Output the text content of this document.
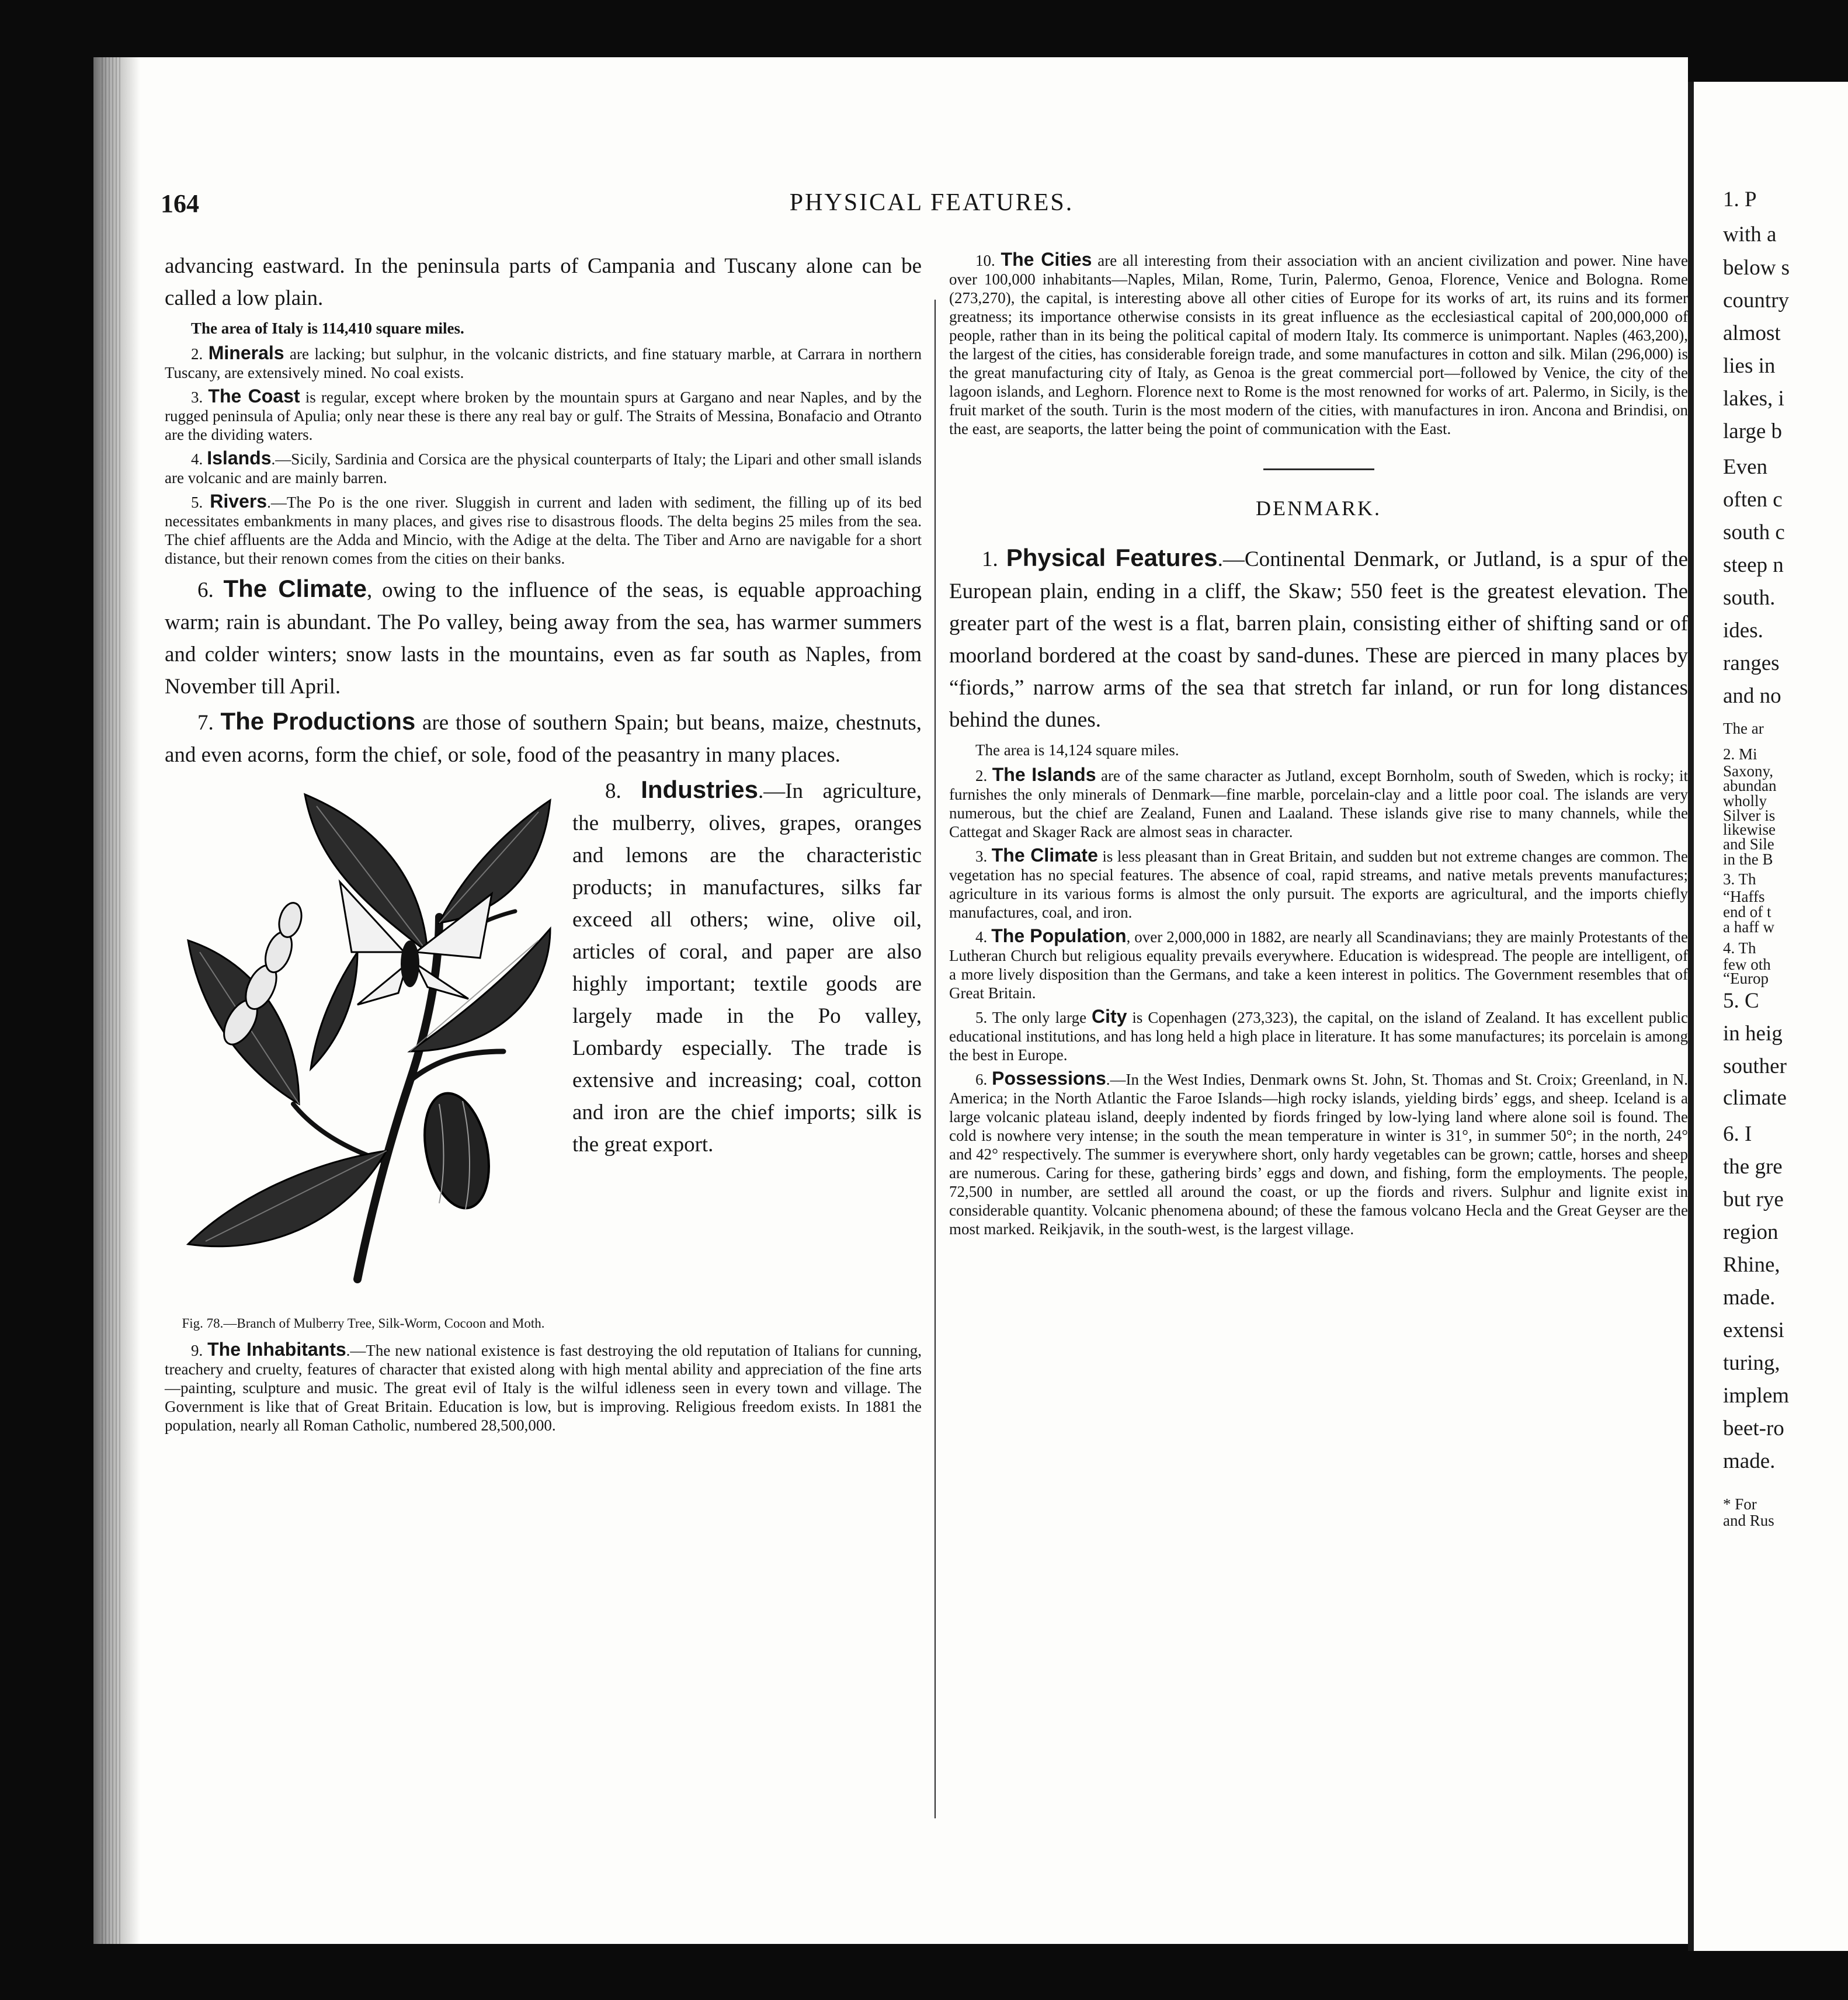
164	PHYSICAL FEATURES.

advancing eastward. In the peninsula parts of Campania and Tuscany alone can be called a low plain.

The area of Italy is 114,410 square miles.

2. Minerals are lacking; but sulphur, in the volcanic districts, and fine statuary marble, at Carrara in northern Tuscany, are extensively mined. No coal exists.

3. The Coast is regular, except where broken by the mountain spurs at Gargano and near Naples, and by the rugged peninsula of Apulia; only near these is there any real bay or gulf. The Straits of Messina, Bonafacio and Otranto are the dividing waters.

4. Islands.—Sicily, Sardinia and Corsica are the physical counterparts of Italy; the Lipari and other small islands are volcanic and are mainly barren.

5. Rivers.—The Po is the one river. Sluggish in current and laden with sediment, the filling up of its bed necessitates embankments in many places, and gives rise to disastrous floods. The delta begins 25 miles from the sea. The chief affluents are the Adda and Mincio, with the Adige at the delta. The Tiber and Arno are navigable for a short distance, but their renown comes from the cities on their banks.

6. The Climate, owing to the influence of the seas, is equable approaching warm; rain is abundant. The Po valley, being away from the sea, has warmer summers and colder winters; snow lasts in the mountains, even as far south as Naples, from November till April.

7. The Productions are those of southern Spain; but beans, maize, chestnuts, and even acorns, form the chief, or sole, food of the peasantry in many places.

Fig. 78.—Branch of Mulberry Tree, Silk-Worm, Cocoon and Moth.

8. Industries.—In agriculture, the mulberry, olives, grapes, oranges and lemons are the characteristic products; in manufactures, silks far exceed all others; wine, olive oil, articles of coral, and paper are also highly important; textile goods are largely made in the Po valley, Lombardy especially. The trade is extensive and increasing; coal, cotton and iron are the chief imports; silk is the great export.

9. The Inhabitants.—The new national existence is fast destroying the old reputation of Italians for cunning, treachery and cruelty, features of character that existed along with high mental ability and appreciation of the fine arts—painting, sculpture and music. The great evil of Italy is the wilful idleness seen in every town and village. The Government is like that of Great Britain. Education is low, but is improving. Religious freedom exists. In 1881 the population, nearly all Roman Catholic, numbered 28,500,000.

10. The Cities are all interesting from their association with an ancient civilization and power. Nine have over 100,000 inhabitants—Naples, Milan, Rome, Turin, Palermo, Genoa, Florence, Venice and Bologna. Rome (273,270), the capital, is interesting above all other cities of Europe for its works of art, its ruins and its former greatness; its importance otherwise consists in its great influence as the ecclesiastical capital of 200,000,000 of people, rather than in its being the political capital of modern Italy. Its commerce is unimportant. Naples (463,200), the largest of the cities, has considerable foreign trade, and some manufactures in cotton and silk. Milan (296,000) is the great manufacturing city of Italy, as Genoa is the great commercial port—followed by Venice, the city of the lagoon islands, and Leghorn. Florence next to Rome is the most renowned for works of art. Palermo, in Sicily, is the fruit market of the south. Turin is the most modern of the cities, with manufactures in iron. Ancona and Brindisi, on the east, are seaports, the latter being the point of communication with the East.

DENMARK.

1. Physical Features.—Continental Denmark, or Jutland, is a spur of the European plain, ending in a cliff, the Skaw; 550 feet is the greatest elevation. The greater part of the west is a flat, barren plain, consisting either of shifting sand or of moorland bordered at the coast by sand-dunes. These are pierced in many places by “fiords,” narrow arms of the sea that stretch far inland, or run for long distances behind the dunes.

The area is 14,124 square miles.

2. The Islands are of the same character as Jutland, except Bornholm, south of Sweden, which is rocky; it furnishes the only minerals of Denmark—fine marble, porcelain-clay and a little poor coal. The islands are very numerous, but the chief are Zealand, Funen and Laaland. These islands give rise to many channels, while the Cattegat and Skager Rack are almost seas in character.

3. The Climate is less pleasant than in Great Britain, and sudden but not extreme changes are common. The vegetation has no special features. The absence of coal, rapid streams, and native metals prevents manufactures; agriculture in its various forms is almost the only pursuit. The exports are agricultural, and the imports chiefly manufactures, coal, and iron.

4. The Population, over 2,000,000 in 1882, are nearly all Scandinavians; they are mainly Protestants of the Lutheran Church but religious equality prevails everywhere. Education is widespread. The people are intelligent, of a more lively disposition than the Germans, and take a keen interest in politics. The Government resembles that of Great Britain.

5. The only large City is Copenhagen (273,323), the capital, on the island of Zealand. It has excellent public educational institutions, and has long held a high place in literature. It has some manufactures; its porcelain is among the best in Europe.

6. Possessions.—In the West Indies, Denmark owns St. John, St. Thomas and St. Croix; Greenland, in N. America; in the North Atlantic the Faroe Islands—high rocky islands, yielding birds’ eggs, and sheep. Iceland is a large volcanic plateau island, deeply indented by fiords fringed by low-lying land where alone soil is found. The cold is nowhere very intense; in the south the mean temperature in winter is 31°, in summer 50°; in the north, 24° and 42° respectively. The summer is everywhere short, only hardy vegetables can be grown; cattle, horses and sheep are numerous. Caring for these, gathering birds’ eggs and down, and fishing, form the employments. The people, 72,500 in number, are settled all around the coast, or up the fiords and rivers. Sulphur and lignite exist in considerable quantity. Volcanic phenomena abound; of these the famous volcano Hecla and the Great Geyser are the most marked. Reikjavik, in the south-west, is the largest village.

1. P
with a
below s
country
almost
lies in
lakes, i
large b
Even
often c
south c
steep n
south.
ides.
ranges
and no
The ar
2. Mi
Saxony,
abundan
wholly
Silver is
likewise
and Sile
in the B
3. Th
“Haffs
end of t
a haff w
4. Th
few oth
“Europ
5. C
in heig
souther
climate
6. I
the gre
but rye
region
Rhine,
made.
extensi
turing,
implem
beet-ro
made.
* For
and Rus
